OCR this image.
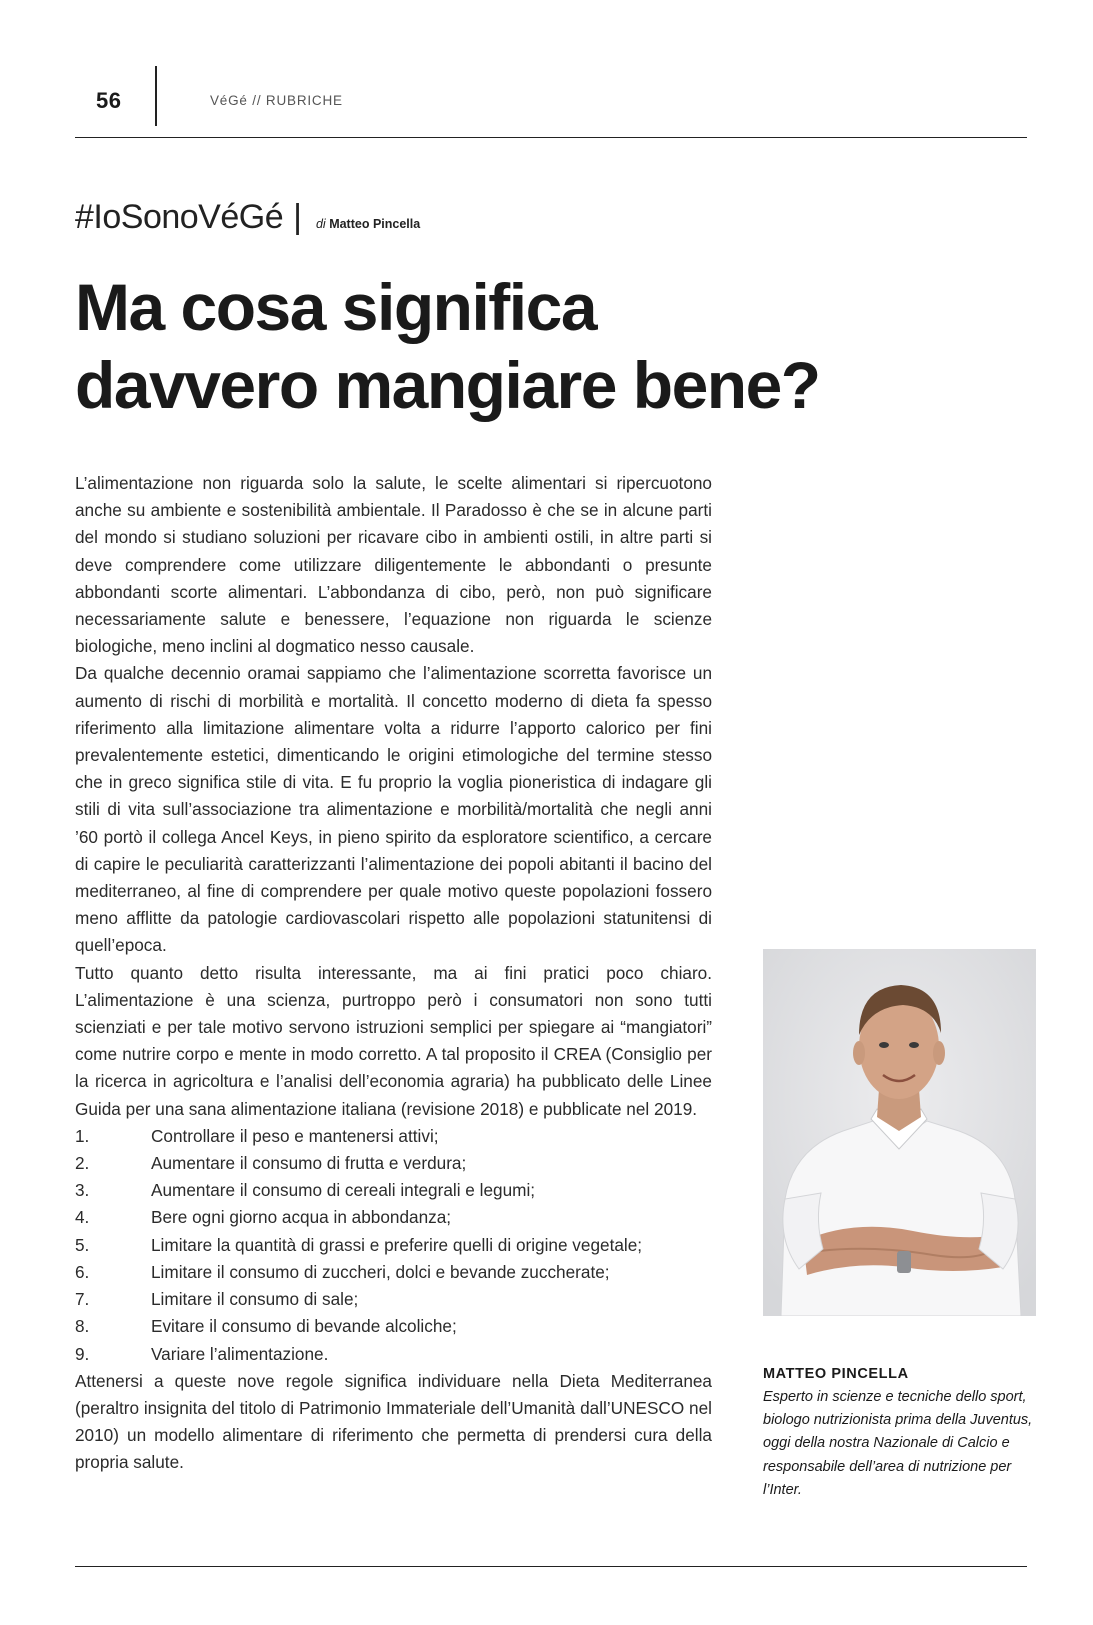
56	VéGé // RUBRICHE
#IoSonoVéGé | di Matteo Pincella
Ma cosa significa
davvero mangiare bene?

L’alimentazione non riguarda solo la salute, le scelte alimentari si ripercuotono anche su ambiente e sostenibilità ambientale. Il Paradosso è che se in alcune parti del mondo si studiano soluzioni per ricavare cibo in ambienti ostili, in altre parti si deve comprendere come utilizzare diligentemente le abbondanti o presunte abbondanti scorte alimentari. L’abbondanza di cibo, però, non può significare necessariamente salute e benessere, l’equazione non riguarda le scienze biologiche, meno inclini al dogmatico nesso causale.

Da qualche decennio oramai sappiamo che l’alimentazione scorretta favorisce un aumento di rischi di morbilità e mortalità. Il concetto moderno di dieta fa spesso riferimento alla limitazione alimentare volta a ridurre l’apporto calorico per fini prevalentemente estetici, dimenticando le origini etimologiche del termine stesso che in greco significa stile di vita. E fu proprio la voglia pioneristica di indagare gli stili di vita sull’associazione tra alimentazione e morbilità/mortalità che negli anni ’60 portò il collega Ancel Keys, in pieno spirito da esploratore scientifico, a cercare di capire le peculiarità caratterizzanti l’alimentazione dei popoli abitanti il bacino del mediterraneo, al fine di comprendere per quale motivo queste popolazioni fossero meno afflitte da patologie cardiovascolari rispetto alle popolazioni statunitensi di quell’epoca.

Tutto quanto detto risulta interessante, ma ai fini pratici poco chiaro. L’alimentazione è una scienza, purtroppo però i consumatori non sono tutti scienziati e per tale motivo servono istruzioni semplici per spiegare ai “mangiatori” come nutrire corpo e mente in modo corretto. A tal proposito il CREA (Consiglio per la ricerca in agricoltura e l’analisi dell’economia agraria) ha pubblicato delle Linee Guida per una sana alimentazione italiana (revisione 2018) e pubblicate nel 2019.

1.	Controllare il peso e mantenersi attivi;
2.	Aumentare il consumo di frutta e verdura;
3.	Aumentare il consumo di cereali integrali e legumi;
4.	Bere ogni giorno acqua in abbondanza;
5.	Limitare la quantità di grassi e preferire quelli di origine vegetale;
6.	Limitare il consumo di zuccheri, dolci e bevande zuccherate;
7.	Limitare il consumo di sale;
8.	Evitare il consumo di bevande alcoliche;
9.	Variare l’alimentazione.

Attenersi a queste nove regole significa individuare nella Dieta Mediterranea (peraltro insignita del titolo di Patrimonio Immateriale dell’Umanità dall’UNESCO nel 2010) un modello alimentare di riferimento che permetta di prendersi cura della propria salute.

MATTEO PINCELLA
Esperto in scienze e tecniche dello sport, biologo nutrizionista prima della Juventus, oggi della nostra Nazionale di Calcio e responsabile dell’area di nutrizione per l’Inter.
